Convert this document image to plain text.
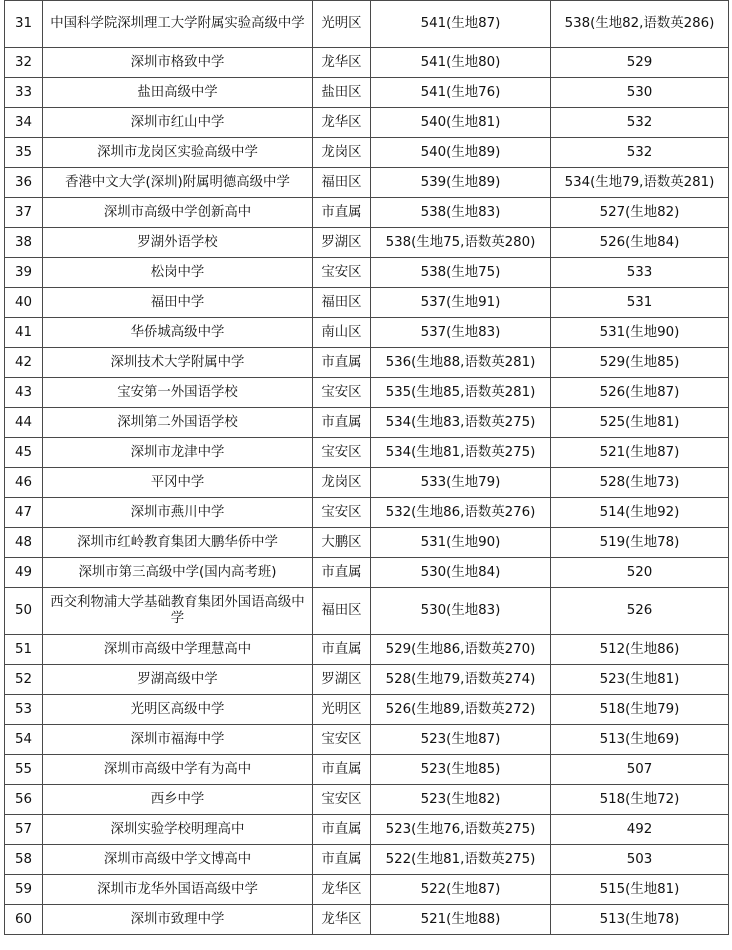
31	中国科学院深圳理工大学附属实验高级中学	光明区	541(生地87)	538(生地82,语数英286)
32	深圳市格致中学	龙华区	541(生地80)	529
33	盐田高级中学	盐田区	541(生地76)	530
34	深圳市红山中学	龙华区	540(生地81)	532
35	深圳市龙岗区实验高级中学	龙岗区	540(生地89)	532
36	香港中文大学(深圳)附属明德高级中学	福田区	539(生地89)	534(生地79,语数英281)
37	深圳市高级中学创新高中	市直属	538(生地83)	527(生地82)
38	罗湖外语学校	罗湖区	538(生地75,语数英280)	526(生地84)
39	松岗中学	宝安区	538(生地75)	533
40	福田中学	福田区	537(生地91)	531
41	华侨城高级中学	南山区	537(生地83)	531(生地90)
42	深圳技术大学附属中学	市直属	536(生地88,语数英281)	529(生地85)
43	宝安第一外国语学校	宝安区	535(生地85,语数英281)	526(生地87)
44	深圳第二外国语学校	市直属	534(生地83,语数英275)	525(生地81)
45	深圳市龙津中学	宝安区	534(生地81,语数英275)	521(生地87)
46	平冈中学	龙岗区	533(生地79)	528(生地73)
47	深圳市燕川中学	宝安区	532(生地86,语数英276)	514(生地92)
48	深圳市红岭教育集团大鹏华侨中学	大鹏区	531(生地90)	519(生地78)
49	深圳市第三高级中学(国内高考班)	市直属	530(生地84)	520
50	西交利物浦大学基础教育集团外国语高级中学	福田区	530(生地83)	526
51	深圳市高级中学理慧高中	市直属	529(生地86,语数英270)	512(生地86)
52	罗湖高级中学	罗湖区	528(生地79,语数英274)	523(生地81)
53	光明区高级中学	光明区	526(生地89,语数英272)	518(生地79)
54	深圳市福海中学	宝安区	523(生地87)	513(生地69)
55	深圳市高级中学有为高中	市直属	523(生地85)	507
56	西乡中学	宝安区	523(生地82)	518(生地72)
57	深圳实验学校明理高中	市直属	523(生地76,语数英275)	492
58	深圳市高级中学文博高中	市直属	522(生地81,语数英275)	503
59	深圳市龙华外国语高级中学	龙华区	522(生地87)	515(生地81)
60	深圳市致理中学	龙华区	521(生地88)	513(生地78)
